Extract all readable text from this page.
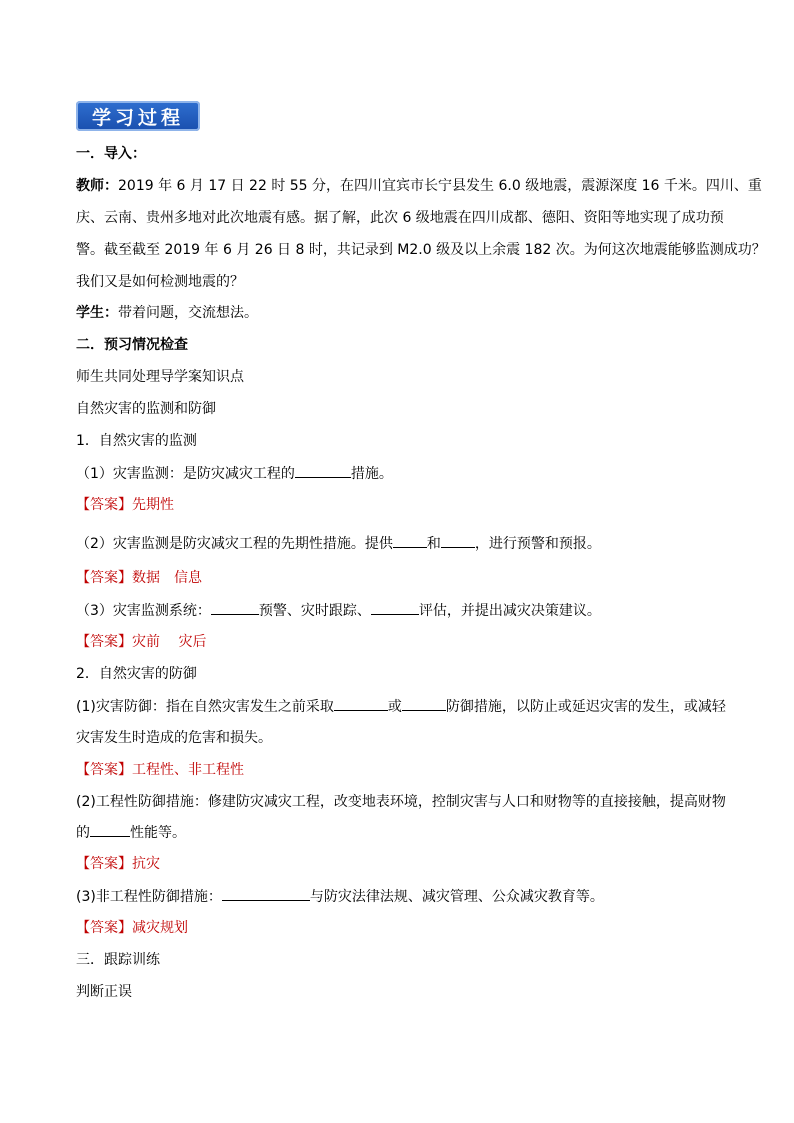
学习过程
一．导入：
教师：2019 年 6 月 17 日 22 时 55 分，在四川宜宾市长宁县发生 6.0 级地震，震源深度 16 千米。四川、重
庆、云南、贵州多地对此次地震有感。据了解，此次 6 级地震在四川成都、德阳、资阳等地实现了成功预
警。截至截至 2019 年 6 月 26 日 8 时，共记录到 M2.0 级及以上余震 182 次。为何这次地震能够监测成功？
我们又是如何检测地震的？
学生：带着问题，交流想法。
二．预习情况检查
师生共同处理导学案知识点
自然灾害的监测和防御
1．自然灾害的监测
（1）灾害监测：是防灾减灾工程的	措施。
【答案】先期性
（2）灾害监测是防灾减灾工程的先期性措施。提供 和 ，进行预警和预报。
【答案】数据　信息
（3）灾害监测系统：	预警、灾时跟踪、	评估，并提出减灾决策建议。
【答案】灾前　 灾后
2．自然灾害的防御
(1)灾害防御：指在自然灾害发生之前采取	或	防御措施，以防止或延迟灾害的发生，或减轻
灾害发生时造成的危害和损失。
【答案】工程性、非工程性
(2)工程性防御措施：修建防灾减灾工程，改变地表环境，控制灾害与人口和财物等的直接接触，提高财物
的	性能等。
【答案】抗灾
(3)非工程性防御措施：	与防灾法律法规、减灾管理、公众减灾教育等。
【答案】减灾规划
三．跟踪训练
判断正误
